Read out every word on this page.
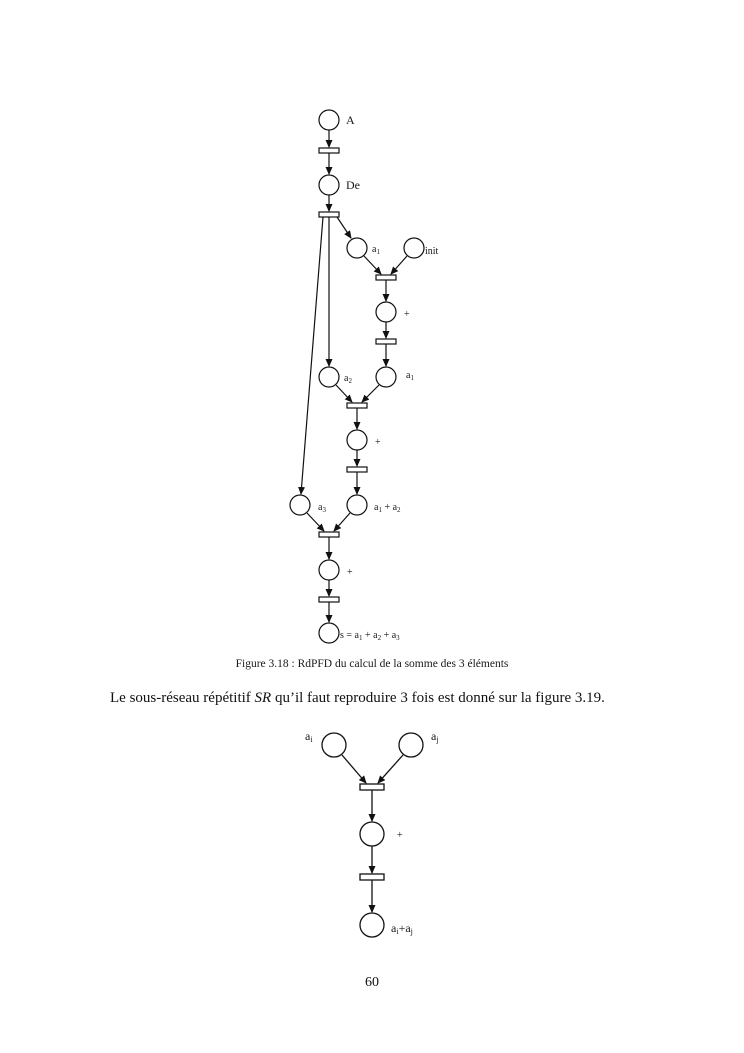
A
De
$a_1$	init
+
$a_2$	$a_1$
+
$a_3$	$a_1 + a_2$
+
$s = a_1 + a_2 + a_3$
ai	aj
+
ai+aj
Figure 3.18 : RdPFD du calcul de la somme des 3 éléments
Le sous-réseau répétitif SR qu’il faut reproduire 3 fois est donné sur la figure 3.19.
60
